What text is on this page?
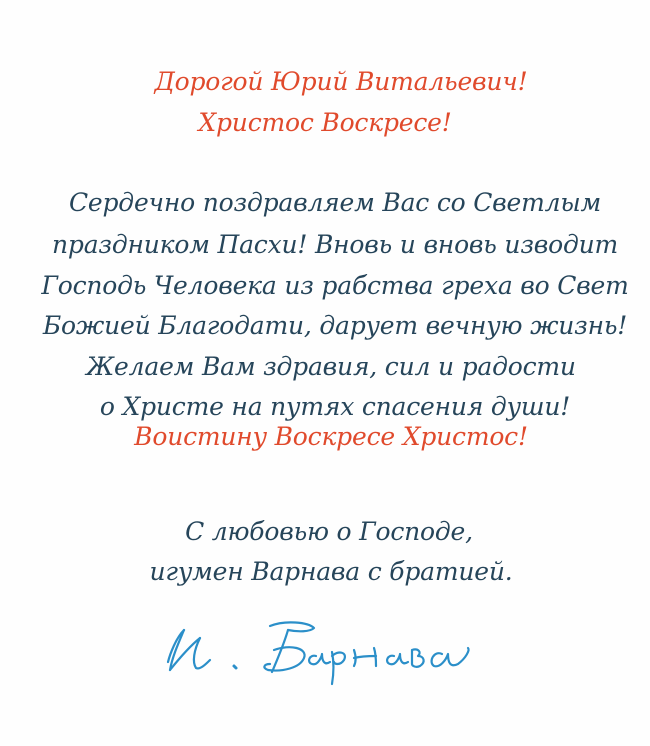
Дорогой Юрий Витальевич!
Христос Воскресе!
Сердечно поздравляем Вас со Светлым
праздником Пасхи! Вновь и вновь изводит
Господь Человека из рабства греха во Свет
Божией Благодати, дарует вечную жизнь!
Желаем Вам здравия, сил и радости
о Христе на путях спасения души!
Воистину Воскресе Христос!
С любовью о Господе,
игумен Варнава с братией.
